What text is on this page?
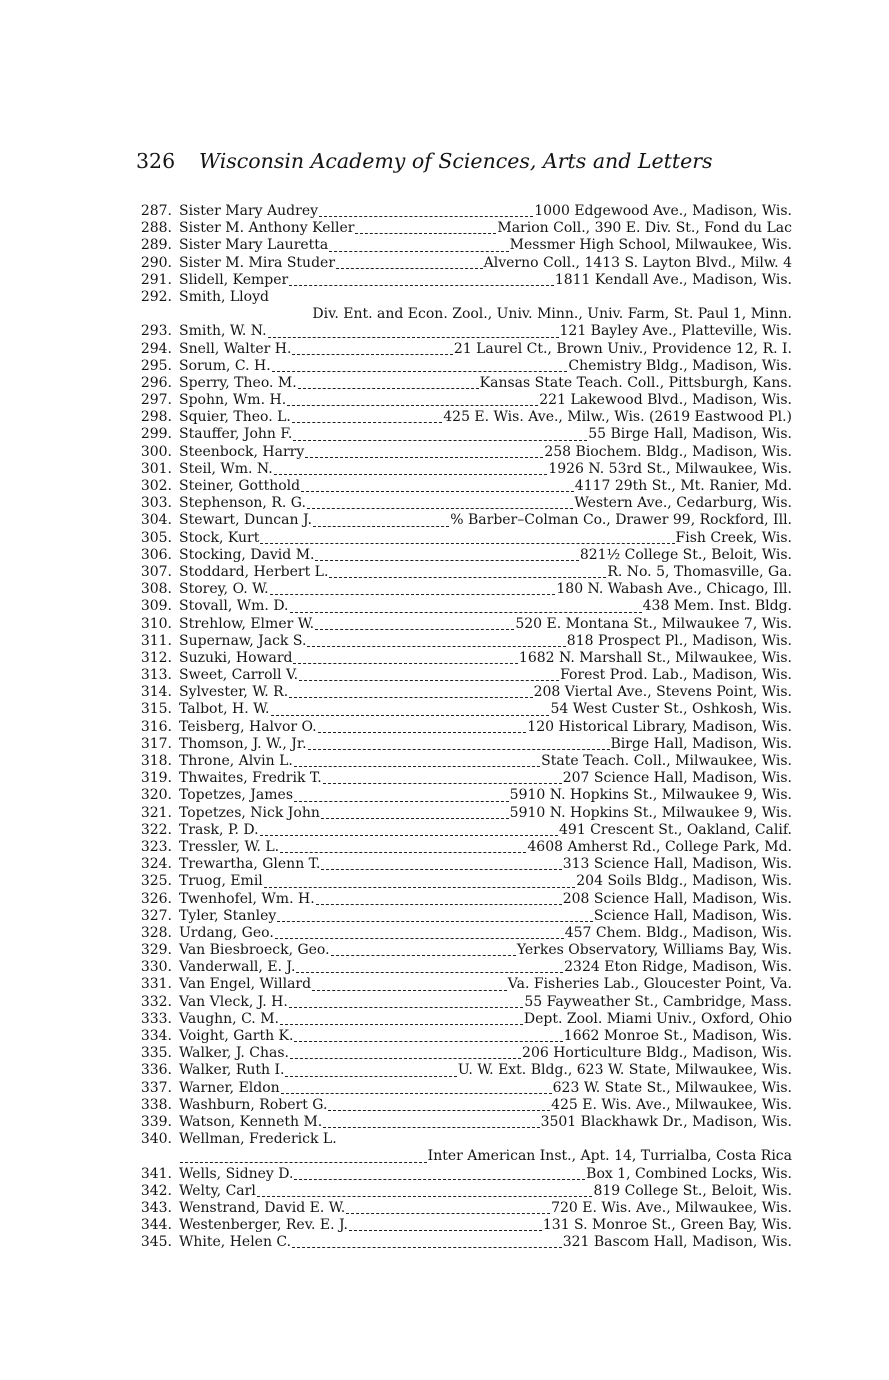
326 Wisconsin Academy of Sciences, Arts and Letters
287. Sister Mary Audrey	1000 Edgewood Ave., Madison, Wis.
288. Sister M. Anthony Keller	Marion Coll., 390 E. Div. St., Fond du Lac
289. Sister Mary Lauretta	Messmer High School, Milwaukee, Wis.
290. Sister M. Mira Studer	Alverno Coll., 1413 S. Layton Blvd., Milw. 4
291. Slidell, Kemper	1811 Kendall Ave., Madison, Wis.
292. Smith, Lloyd
Div. Ent. and Econ. Zool., Univ. Minn., Univ. Farm, St. Paul 1, Minn.
293. Smith, W. N.	121 Bayley Ave., Platteville, Wis.
294. Snell, Walter H.	21 Laurel Ct., Brown Univ., Providence 12, R. I.
295. Sorum, C. H.	Chemistry Bldg., Madison, Wis.
296. Sperry, Theo. M.	Kansas State Teach. Coll., Pittsburgh, Kans.
297. Spohn, Wm. H.	221 Lakewood Blvd., Madison, Wis.
298. Squier, Theo. L.	425 E. Wis. Ave., Milw., Wis. (2619 Eastwood Pl.)
299. Stauffer, John F.	55 Birge Hall, Madison, Wis.
300. Steenbock, Harry	258 Biochem. Bldg., Madison, Wis.
301. Steil, Wm. N.	1926 N. 53rd St., Milwaukee, Wis.
302. Steiner, Gotthold	4117 29th St., Mt. Ranier, Md.
303. Stephenson, R. G.	Western Ave., Cedarburg, Wis.
304. Stewart, Duncan J.	% Barber–Colman Co., Drawer 99, Rockford, Ill.
305. Stock, Kurt	Fish Creek, Wis.
306. Stocking, David M.	821½ College St., Beloit, Wis.
307. Stoddard, Herbert L.	R. No. 5, Thomasville, Ga.
308. Storey, O. W.	180 N. Wabash Ave., Chicago, Ill.
309. Stovall, Wm. D.	438 Mem. Inst. Bldg.
310. Strehlow, Elmer W.	520 E. Montana St., Milwaukee 7, Wis.
311. Supernaw, Jack S.	818 Prospect Pl., Madison, Wis.
312. Suzuki, Howard	1682 N. Marshall St., Milwaukee, Wis.
313. Sweet, Carroll V.	Forest Prod. Lab., Madison, Wis.
314. Sylvester, W. R.	208 Viertal Ave., Stevens Point, Wis.
315. Talbot, H. W.	54 West Custer St., Oshkosh, Wis.
316. Teisberg, Halvor O.	120 Historical Library, Madison, Wis.
317. Thomson, J. W., Jr.	Birge Hall, Madison, Wis.
318. Throne, Alvin L.	State Teach. Coll., Milwaukee, Wis.
319. Thwaites, Fredrik T.	207 Science Hall, Madison, Wis.
320. Topetzes, James	5910 N. Hopkins St., Milwaukee 9, Wis.
321. Topetzes, Nick John	5910 N. Hopkins St., Milwaukee 9, Wis.
322. Trask, P. D.	491 Crescent St., Oakland, Calif.
323. Tressler, W. L.	4608 Amherst Rd., College Park, Md.
324. Trewartha, Glenn T.	313 Science Hall, Madison, Wis.
325. Truog, Emil	204 Soils Bldg., Madison, Wis.
326. Twenhofel, Wm. H.	208 Science Hall, Madison, Wis.
327. Tyler, Stanley	Science Hall, Madison, Wis.
328. Urdang, Geo.	457 Chem. Bldg., Madison, Wis.
329. Van Biesbroeck, Geo.	Yerkes Observatory, Williams Bay, Wis.
330. Vanderwall, E. J.	2324 Eton Ridge, Madison, Wis.
331. Van Engel, Willard	Va. Fisheries Lab., Gloucester Point, Va.
332. Van Vleck, J. H.	55 Fayweather St., Cambridge, Mass.
333. Vaughn, C. M.	Dept. Zool. Miami Univ., Oxford, Ohio
334. Voight, Garth K.	1662 Monroe St., Madison, Wis.
335. Walker, J. Chas.	206 Horticulture Bldg., Madison, Wis.
336. Walker, Ruth I.	U. W. Ext. Bldg., 623 W. State, Milwaukee, Wis.
337. Warner, Eldon	623 W. State St., Milwaukee, Wis.
338. Washburn, Robert G.	425 E. Wis. Ave., Milwaukee, Wis.
339. Watson, Kenneth M.	3501 Blackhawk Dr., Madison, Wis.
340. Wellman, Frederick L.
Inter American Inst., Apt. 14, Turrialba, Costa Rica
341. Wells, Sidney D.	Box 1, Combined Locks, Wis.
342. Welty, Carl	819 College St., Beloit, Wis.
343. Wenstrand, David E. W.	720 E. Wis. Ave., Milwaukee, Wis.
344. Westenberger, Rev. E. J.	131 S. Monroe St., Green Bay, Wis.
345. White, Helen C.	321 Bascom Hall, Madison, Wis.
